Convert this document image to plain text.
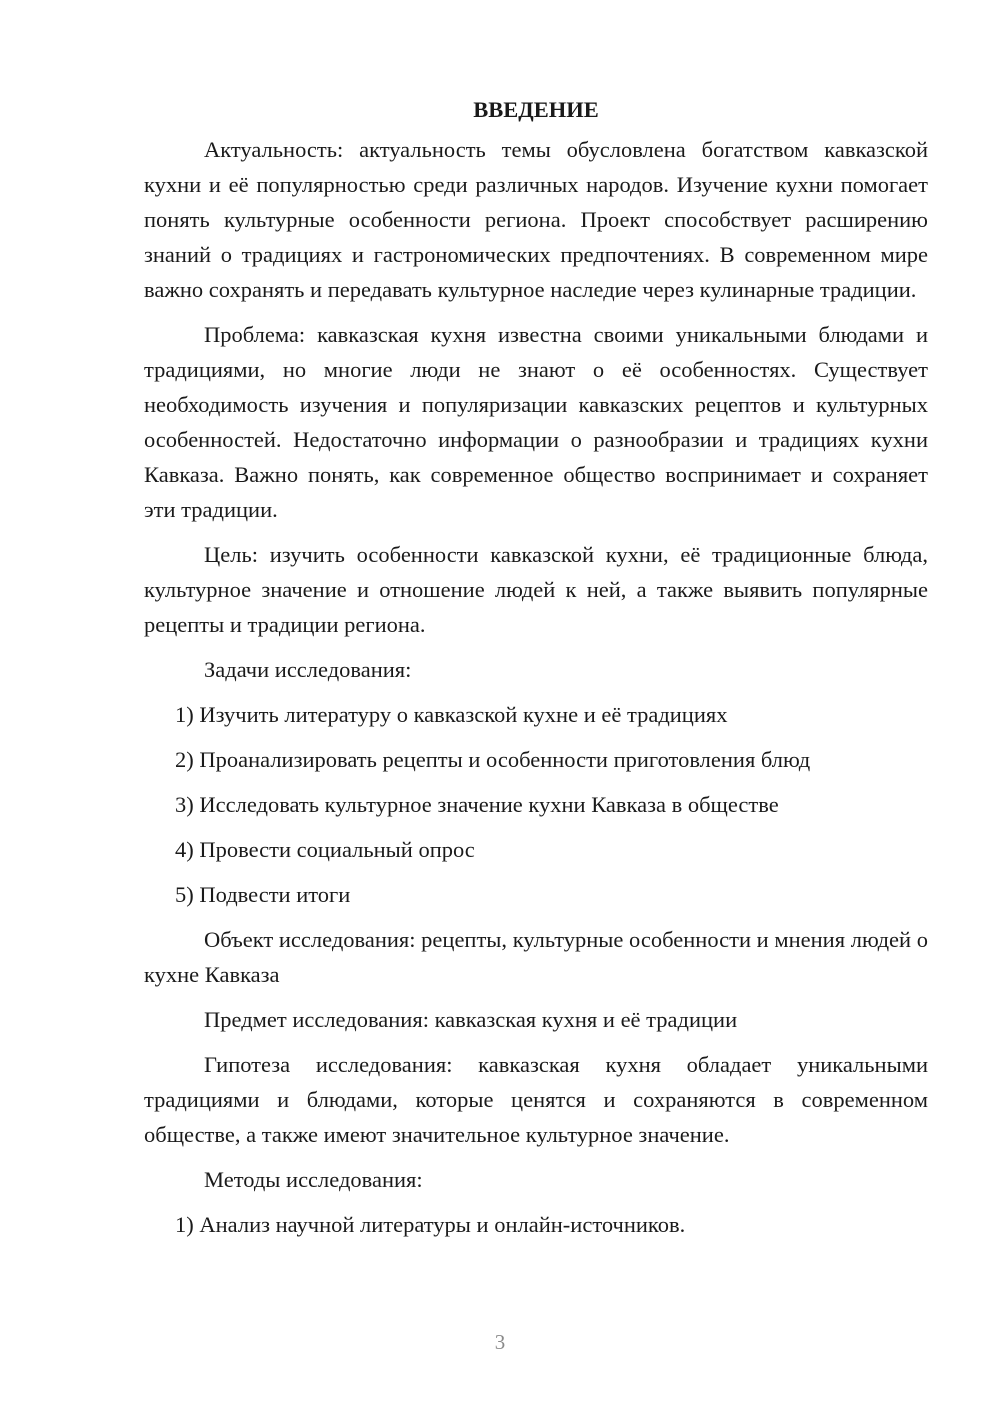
ВВЕДЕНИЕ
Актуальность: актуальность темы обусловлена богатством кавказской кухни и её популярностью среди различных народов. Изучение кухни помогает понять культурные особенности региона. Проект способствует расширению знаний о традициях и гастрономических предпочтениях. В современном мире важно сохранять и передавать культурное наследие через кулинарные традиции.
Проблема: кавказская кухня известна своими уникальными блюдами и традициями, но многие люди не знают о её особенностях. Существует необходимость изучения и популяризации кавказских рецептов и культурных особенностей. Недостаточно информации о разнообразии и традициях кухни Кавказа. Важно понять, как современное общество воспринимает и сохраняет эти традиции.
Цель: изучить особенности кавказской кухни, её традиционные блюда, культурное значение и отношение людей к ней, а также выявить популярные рецепты и традиции региона.
Задачи исследования:
1) Изучить литературу о кавказской кухне и её традициях
2) Проанализировать рецепты и особенности приготовления блюд
3) Исследовать культурное значение кухни Кавказа в обществе
4) Провести социальный опрос
5) Подвести итоги
Объект исследования: рецепты, культурные особенности и мнения людей о кухне Кавказа
Предмет исследования: кавказская кухня и её традиции
Гипотеза исследования: кавказская кухня обладает уникальными традициями и блюдами, которые ценятся и сохраняются в современном обществе, а также имеют значительное культурное значение.
Методы исследования:
1) Анализ научной литературы и онлайн-источников.
3
